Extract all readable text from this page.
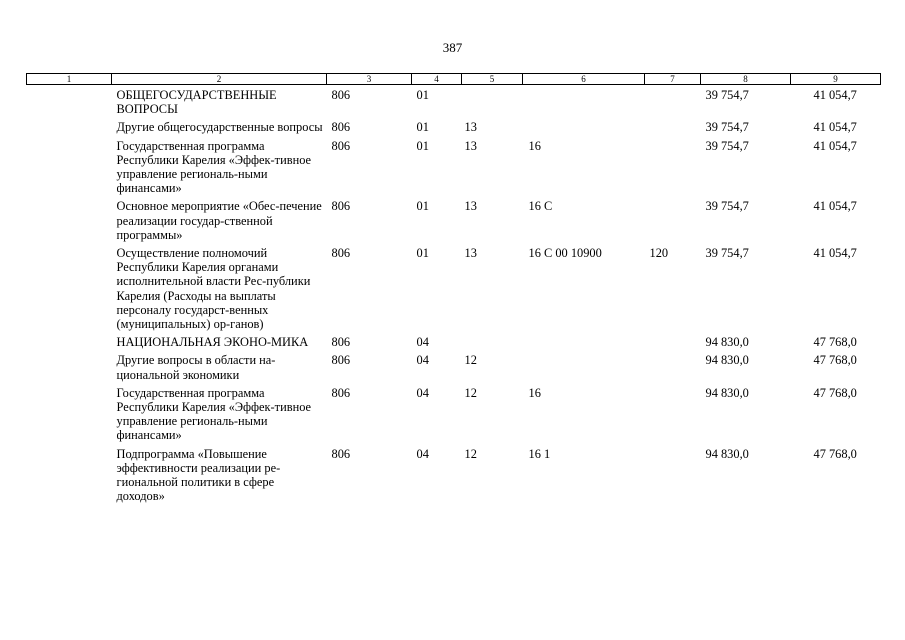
387
1	2	3	4	5	6	7	8	9
	ОБЩЕГОСУДАРСТВЕННЫЕ ВОПРОСЫ	806	01				39 754,7	41 054,7
	Другие общегосударственные вопросы	806	01	13			39 754,7	41 054,7
	Государственная программа Республики Карелия «Эффек-тивное управление региональ-ными финансами»	806	01	13	16		39 754,7	41 054,7
	Основное мероприятие «Обес-печение реализации государ-ственной программы»	806	01	13	16 С		39 754,7	41 054,7
	Осуществление полномочий Республики Карелия органами исполнительной власти Рес-публики Карелия (Расходы на выплаты персоналу государст-венных (муниципальных) ор-ганов)	806	01	13	16 С 00 10900	120	39 754,7	41 054,7
	НАЦИОНАЛЬНАЯ ЭКОНО-МИКА	806	04				94 830,0	47 768,0
	Другие вопросы в области на-циональной экономики	806	04	12			94 830,0	47 768,0
	Государственная программа Республики Карелия «Эффек-тивное управление региональ-ными финансами»	806	04	12	16		94 830,0	47 768,0
	Подпрограмма «Повышение эффективности реализации ре-гиональной политики в сфере доходов»	806	04	12	16 1		94 830,0	47 768,0
